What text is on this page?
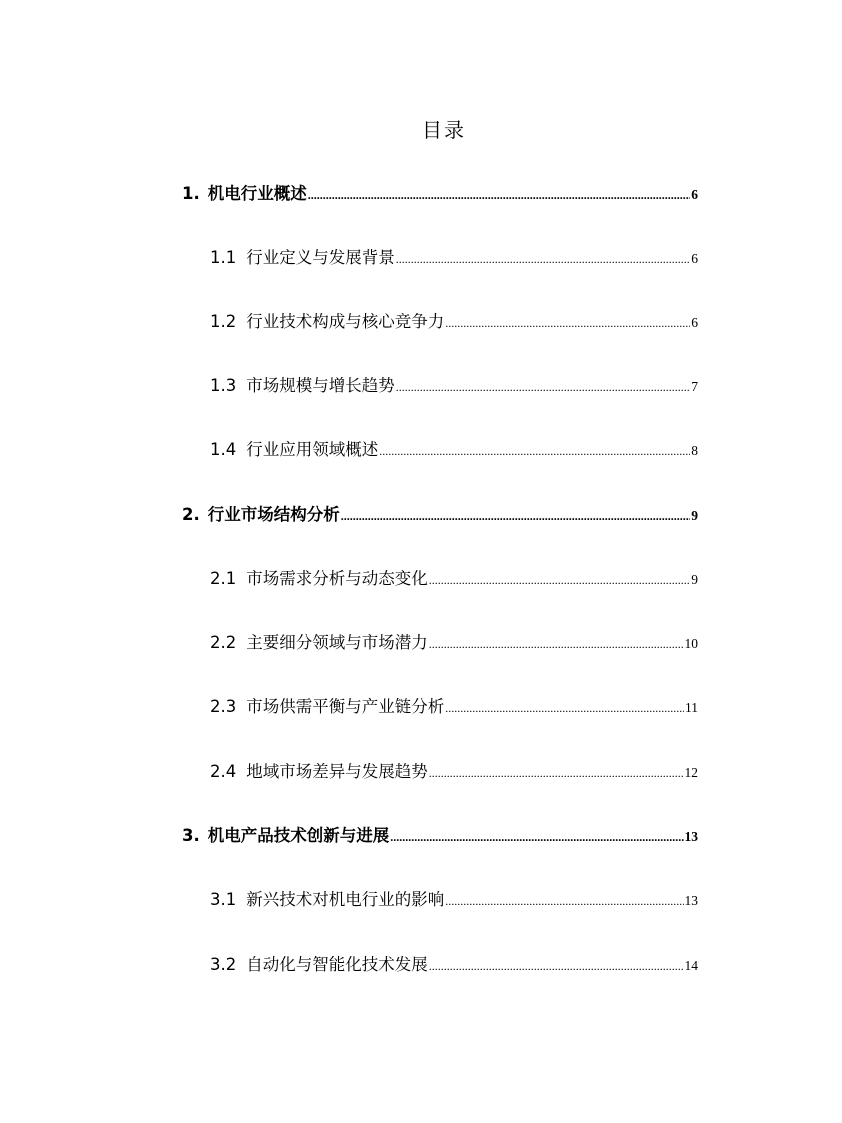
目录
1. 机电行业概述 .....	6
1.1 行业定义与发展背景 .....	6
1.2 行业技术构成与核心竞争力 .....	6
1.3 市场规模与增长趋势 .....	7
1.4 行业应用领域概述 .....	8
2. 行业市场结构分析 .....	9
2.1 市场需求分析与动态变化 .....	9
2.2 主要细分领域与市场潜力 .....	10
2.3 市场供需平衡与产业链分析 .....	11
2.4 地域市场差异与发展趋势 .....	12
3. 机电产品技术创新与进展 .....	13
3.1 新兴技术对机电行业的影响 .....	13
3.2 自动化与智能化技术发展 .....	14
